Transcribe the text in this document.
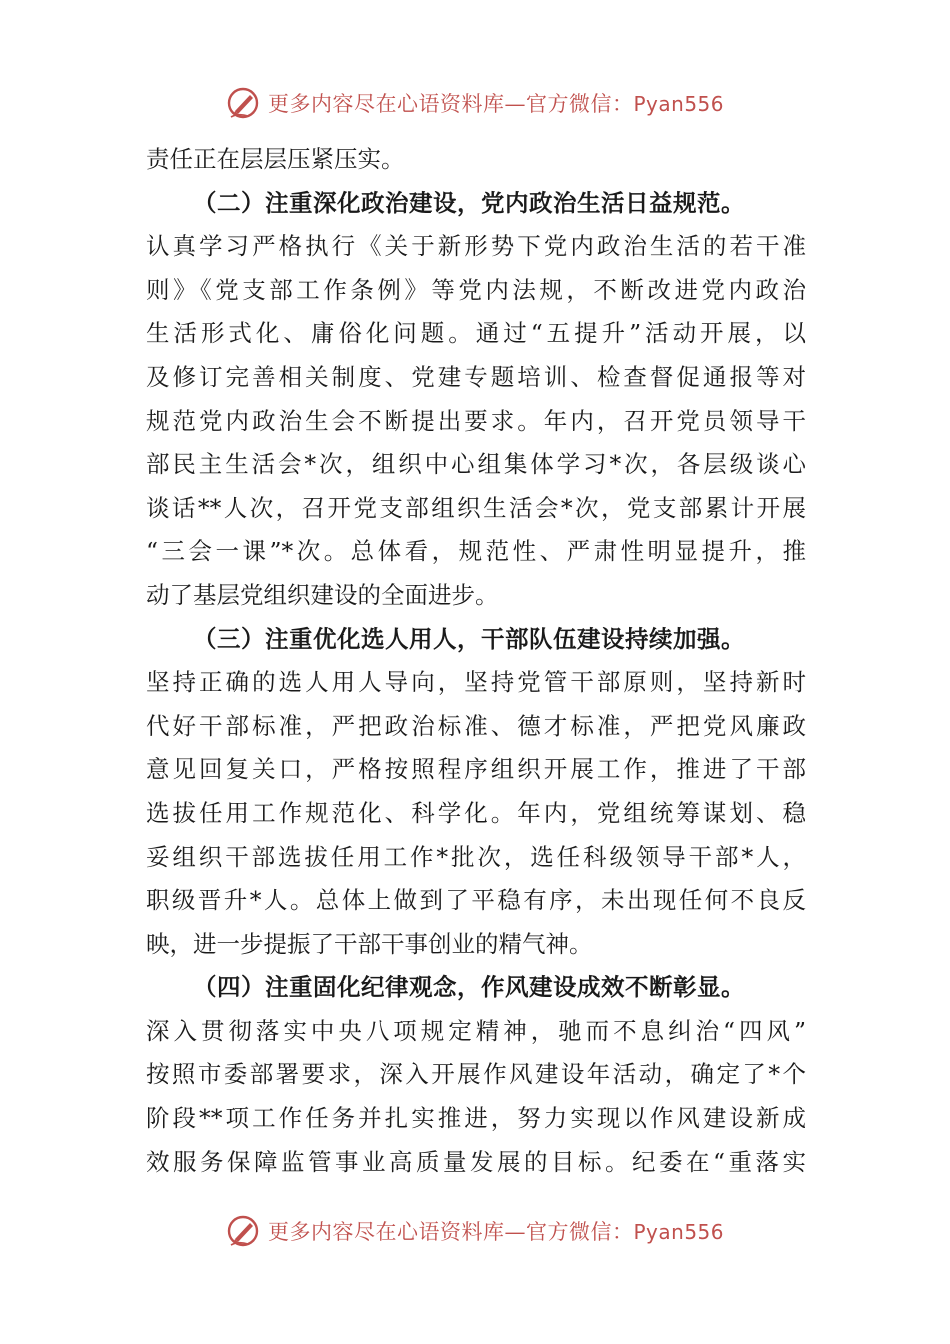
更多内容尽在心语资料库—官方微信：Pyan556
责任正在层层压紧压实。
（二）注重深化政治建设，党内政治生活日益规范。
认真学习严格执行《关于新形势下党内政治生活的若干准
则》《党支部工作条例》等党内法规，不断改进党内政治
生活形式化、庸俗化问题。通过“五提升”活动开展，以
及修订完善相关制度、党建专题培训、检查督促通报等对
规范党内政治生会不断提出要求。年内，召开党员领导干
部民主生活会*次，组织中心组集体学习*次，各层级谈心
谈话**人次，召开党支部组织生活会*次，党支部累计开展
“三会一课”*次。总体看，规范性、严肃性明显提升，推
动了基层党组织建设的全面进步。
（三）注重优化选人用人，干部队伍建设持续加强。
坚持正确的选人用人导向，坚持党管干部原则，坚持新时
代好干部标准，严把政治标准、德才标准，严把党风廉政
意见回复关口，严格按照程序组织开展工作，推进了干部
选拔任用工作规范化、科学化。年内，党组统筹谋划、稳
妥组织干部选拔任用工作*批次，选任科级领导干部*人，
职级晋升*人。总体上做到了平稳有序，未出现任何不良反
映，进一步提振了干部干事创业的精气神。
（四）注重固化纪律观念，作风建设成效不断彰显。
深入贯彻落实中央八项规定精神，驰而不息纠治“四风”
按照市委部署要求，深入开展作风建设年活动，确定了*个
阶段**项工作任务并扎实推进，努力实现以作风建设新成
效服务保障监管事业高质量发展的目标。纪委在“重落实
更多内容尽在心语资料库—官方微信：Pyan556
